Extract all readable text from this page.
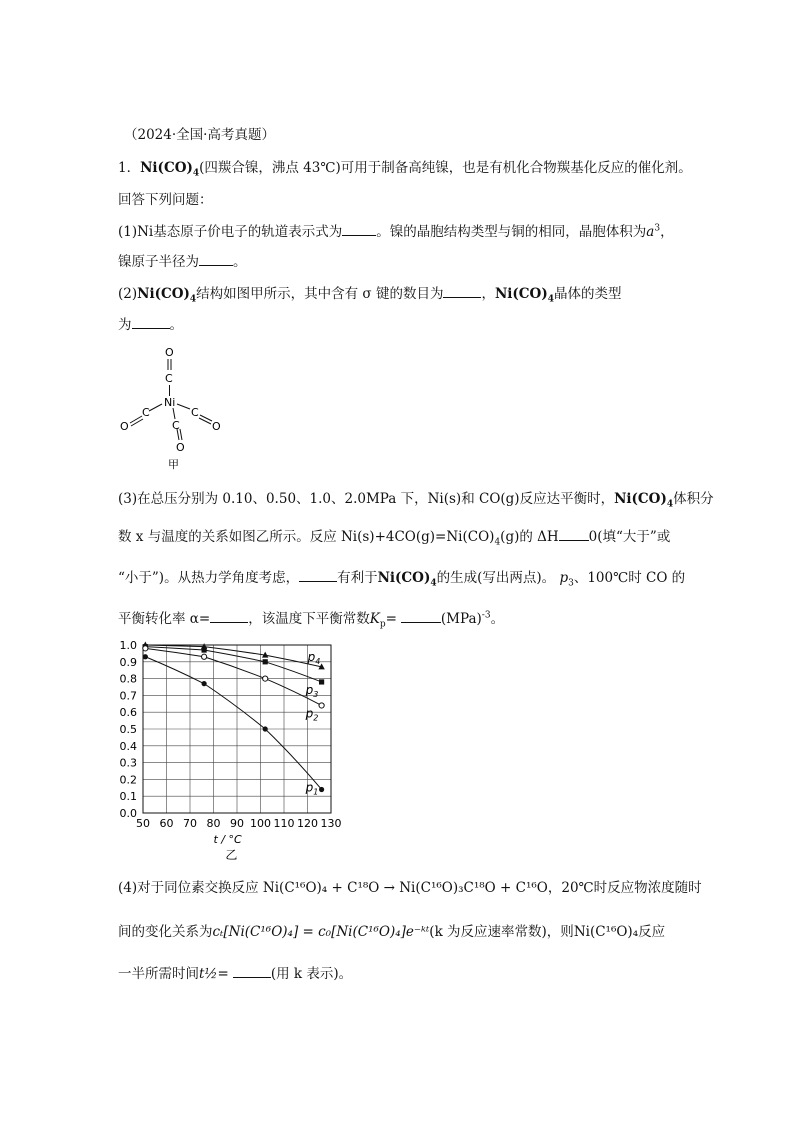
（2024·全国·高考真题）
1．$Ni(CO)_4$(四羰合镍，沸点 43℃)可用于制备高纯镍，也是有机化合物羰基化反应的催化剂。
回答下列问题：
(1)Ni基态原子价电子的轨道表示式为	。镍的晶胞结构类型与铜的相同，晶胞体积为$a^3$，
镍原子半径为	。
$(2)Ni(CO)_4$结构如图甲所示，其中含有 σ 键的数目为	，$Ni(CO)_4$晶体的类型
为	。
O
C
Ni
C
O
C
O
C
O
甲
(3)在总压分别为 0.10、0.50、1.0、2.0MPa 下，Ni(s)和 CO(g)反应达平衡时，$Ni(CO)_4$体积分
数 x 与温度的关系如图乙所示。反应 $Ni(s)+4CO(g)=Ni(CO)_4(g)$的 ΔH 0(填“大于”或
“小于”)。从热力学角度考虑，	有利于$Ni(CO)_4$的生成(写出两点)。 $p_3$、100℃时 CO 的
平衡转化率 α=	，该温度下平衡常数$K_p=$	(MPa)$^{-3}$。
50 60 70 80 90 100 110 120 130
0.0
0.1
0.2
0.3
0.4
0.5
0.6
0.7
0.8
0.9
1.0
t / °C
乙
$p_4$
$p_3$
$p_2$
$p_1$
(4)对于同位素交换反应 Ni(C¹⁶O)₄ + C¹⁸O → Ni(C¹⁶O)₃C¹⁸O + C¹⁶O，20℃时反应物浓度随时
间的变化关系为cₜ[Ni(C¹⁶O)₄] = c₀[Ni(C¹⁶O)₄]e⁻ᵏᵗ(k 为反应速率常数)，则Ni(C¹⁶O)₄反应
一半所需时间t½=	(用 k 表示)。
